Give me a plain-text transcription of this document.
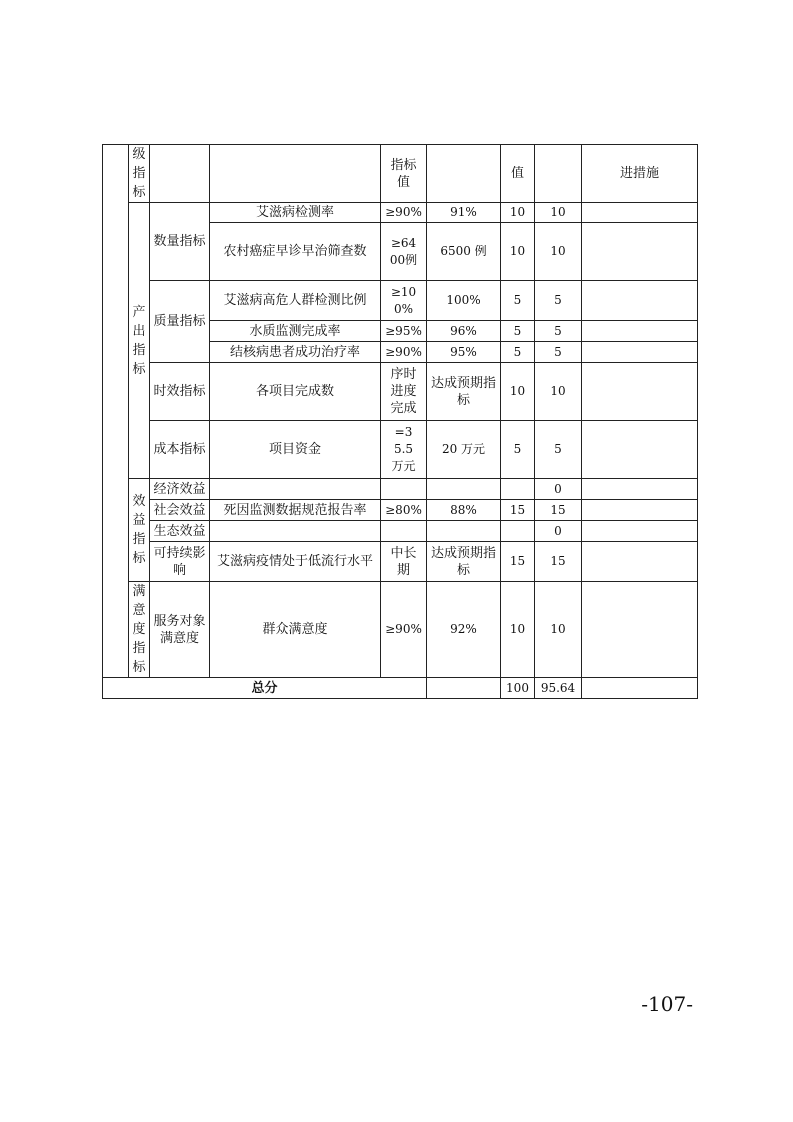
	级指标			指标值		值		进措施
	产出指标	数量指标	艾滋病检测率	≥90%	91%	10	10	
			农村癌症早诊早治筛查数	≥6400例	6500 例	10	10	
		质量指标	艾滋病高危人群检测比例	≥100%	100%	5	5	
			水质监测完成率	≥95%	96%	5	5	
			结核病患者成功治疗率	≥90%	95%	5	5	
		时效指标	各项目完成数	序时进度完成	达成预期指标	10	10	
		成本指标	项目资金	=35.5万元	20 万元	5	5	
	效益指标	经济效益					0	
		社会效益	死因监测数据规范报告率	≥80%	88%	15	15	
		生态效益					0	
		可持续影响	艾滋病疫情处于低流行水平	中长期	达成预期指标	15	15	
	满意度指标	服务对象满意度	群众满意度	≥90%	92%	10	10	
总分						100	95.64	
-107-
